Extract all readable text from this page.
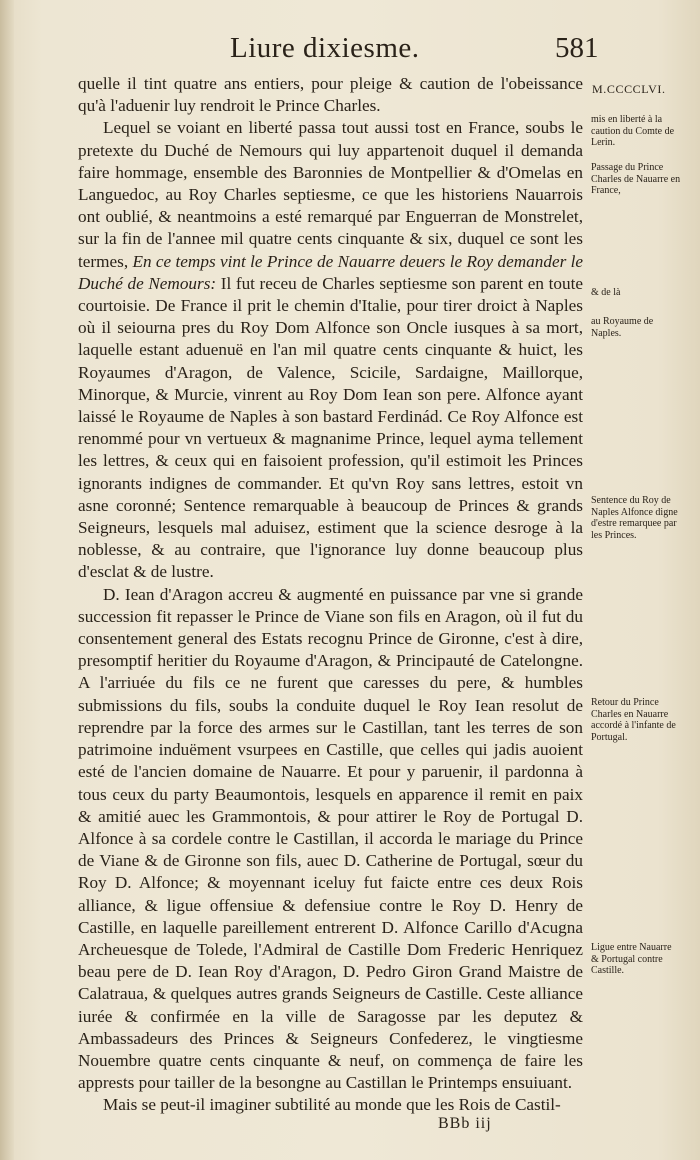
Liure dixiesme.	581
M.CCCCLVI.

quelle il tint quatre ans entiers, pour pleige & caution de l'obeissance qu'à l'aduenir luy rendroit le Prince Charles.

Lequel se voiant en liberté passa tout aussi tost en France, soubs le pretexte du Duché de Nemours qui luy appartenoit duquel il demanda faire hommage, ensemble des Baronnies de Montpellier & d'Omelas en Languedoc, au Roy Charles septiesme, ce que les historiens Nauarrois ont oublié, & neantmoins a esté remarqué par Enguerran de Monstrelet, sur la fin de l'annee mil quatre cents cinquante & six, duquel ce sont les termes, En ce temps vint le Prince de Nauarre deuers le Roy demander le Duché de Nemours: Il fut receu de Charles septiesme son parent en toute courtoisie. De France il prit le chemin d'Italie, pour tirer droict à Naples où il seiourna pres du Roy Dom Alfonce son Oncle iusques à sa mort, laquelle estant aduenuë en l'an mil quatre cents cinquante & huict, les Royaumes d'Aragon, de Valence, Scicile, Sardaigne, Maillorque, Minorque, & Murcie, vinrent au Roy Dom Iean son pere. Alfonce ayant laissé le Royaume de Naples à son bastard Ferdinád. Ce Roy Alfonce est renommé pour vn vertueux & magnanime Prince, lequel ayma tellement les lettres, & ceux qui en faisoient profession, qu'il estimoit les Princes ignorants indignes de commander. Et qu'vn Roy sans lettres, estoit vn asne coronné; Sentence remarquable à beaucoup de Princes & grands Seigneurs, lesquels mal aduisez, estiment que la science desroge à la noblesse, & au contraire, que l'ignorance luy donne beaucoup plus d'esclat & de lustre.

D. Iean d'Aragon accreu & augmenté en puissance par vne si grande succession fit repasser le Prince de Viane son fils en Aragon, où il fut du consentement general des Estats recognu Prince de Gironne, c'est à dire, presomptif heritier du Royaume d'Aragon, & Principauté de Catelongne. A l'arriuée du fils ce ne furent que caresses du pere, & humbles submissions du fils, soubs la conduite duquel le Roy Iean resolut de reprendre par la force des armes sur le Castillan, tant les terres de son patrimoine induëment vsurpees en Castille, que celles qui jadis auoient esté de l'ancien domaine de Nauarre. Et pour y paruenir, il pardonna à tous ceux du party Beaumontois, lesquels en apparence il remit en paix & amitié auec les Grammontois, & pour attirer le Roy de Portugal D. Alfonce à sa cordele contre le Castillan, il accorda le mariage du Prince de Viane & de Gironne son fils, auec D. Catherine de Portugal, sœur du Roy D. Alfonce; & moyennant iceluy fut faicte entre ces deux Rois alliance, & ligue offensiue & defensiue contre le Roy D. Henry de Castille, en laquelle pareillement entrerent D. Alfonce Carillo d'Acugna Archeuesque de Tolede, l'Admiral de Castille Dom Frederic Henriquez beau pere de D. Iean Roy d'Aragon, D. Pedro Giron Grand Maistre de Calatraua, & quelques autres grands Seigneurs de Castille. Ceste alliance iurée & confirmée en la ville de Saragosse par les deputez & Ambassadeurs des Princes & Seigneurs Confederez, le vingtiesme Nouembre quatre cents cinquante & neuf, on commença de faire les apprests pour tailler de la besongne au Castillan le Printemps ensuiuant.

Mais se peut-il imaginer subtilité au monde que les Rois de Castil-

mis en liberté à la caution du Comte de Lerin.
Passage du Prince Charles de Nauarre en France,
& de là
au Royaume de Naples.
Sentence du Roy de Naples Alfonce digne d'estre remarquee par les Princes.
Retour du Prince Charles en Nauarre accordé à l'infante de Portugal.
Ligue entre Nauarre & Portugal contre Castille.
BBb iij
